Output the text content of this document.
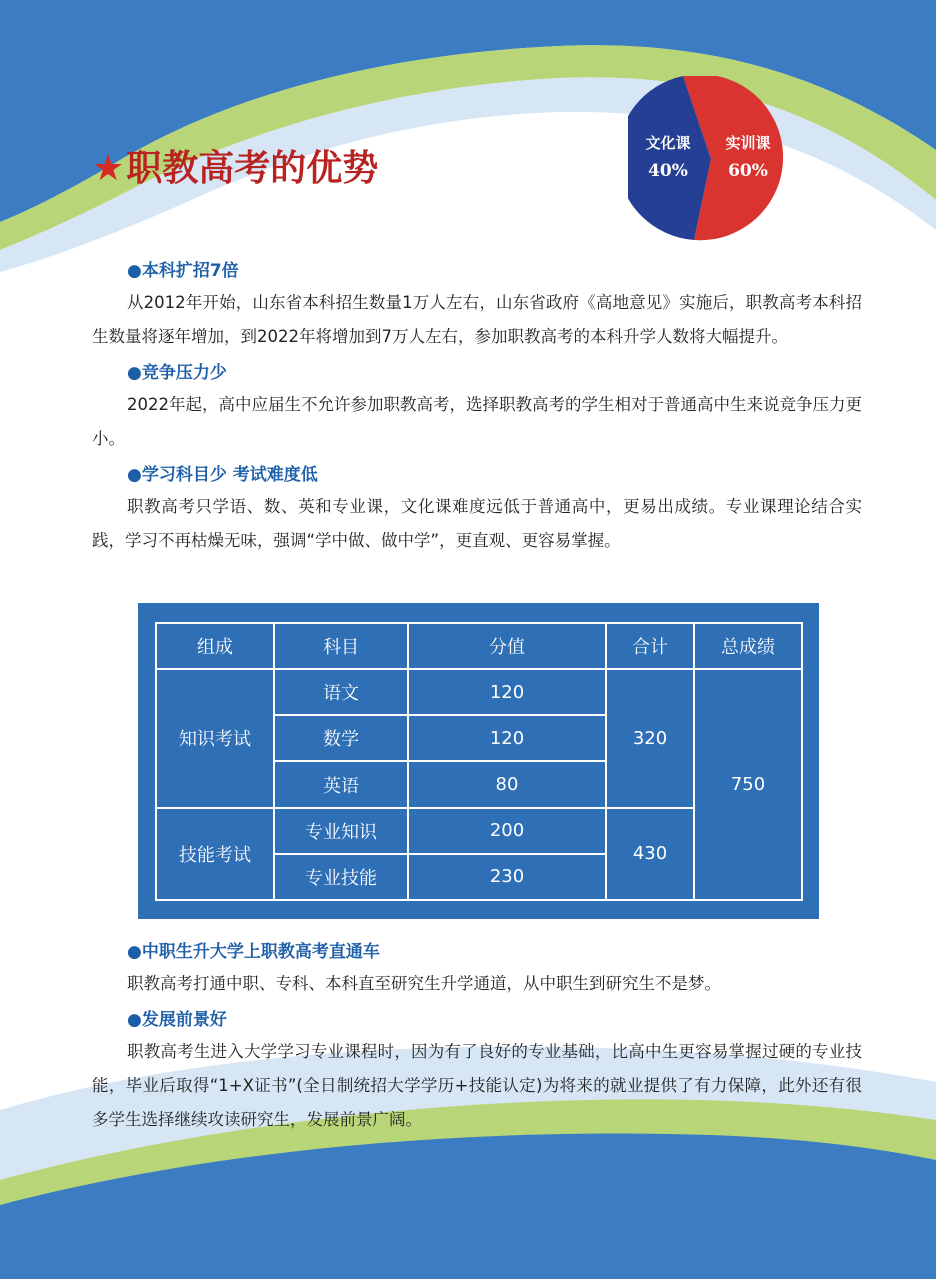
★职教高考的优势
文化课
40%
实训课
60%

●本科扩招7倍

从2012年开始，山东省本科招生数量1万人左右，山东省政府《高地意见》实施后，职教高考本科招生数量将逐年增加，到2022年将增加到7万人左右，参加职教高考的本科升学人数将大幅提升。

●竞争压力少

2022年起，高中应届生不允许参加职教高考，选择职教高考的学生相对于普通高中生来说竞争压力更小。

●学习科目少 考试难度低

职教高考只学语、数、英和专业课，文化课难度远低于普通高中，更易出成绩。专业课理论结合实践，学习不再枯燥无味，强调“学中做、做中学”，更直观、更容易掌握。

组成	科目	分值	合计	总成绩
知识考试	语文	120	320	750
	数学	120		
	英语	80		
技能考试	专业知识	200	430	
	专业技能	230		

●中职生升大学上职教高考直通车

职教高考打通中职、专科、本科直至研究生升学通道，从中职生到研究生不是梦。

●发展前景好

职教高考生进入大学学习专业课程时，因为有了良好的专业基础，比高中生更容易掌握过硬的专业技能，毕业后取得“1+X证书”(全日制统招大学学历+技能认定)为将来的就业提供了有力保障，此外还有很多学生选择继续攻读研究生，发展前景广阔。
